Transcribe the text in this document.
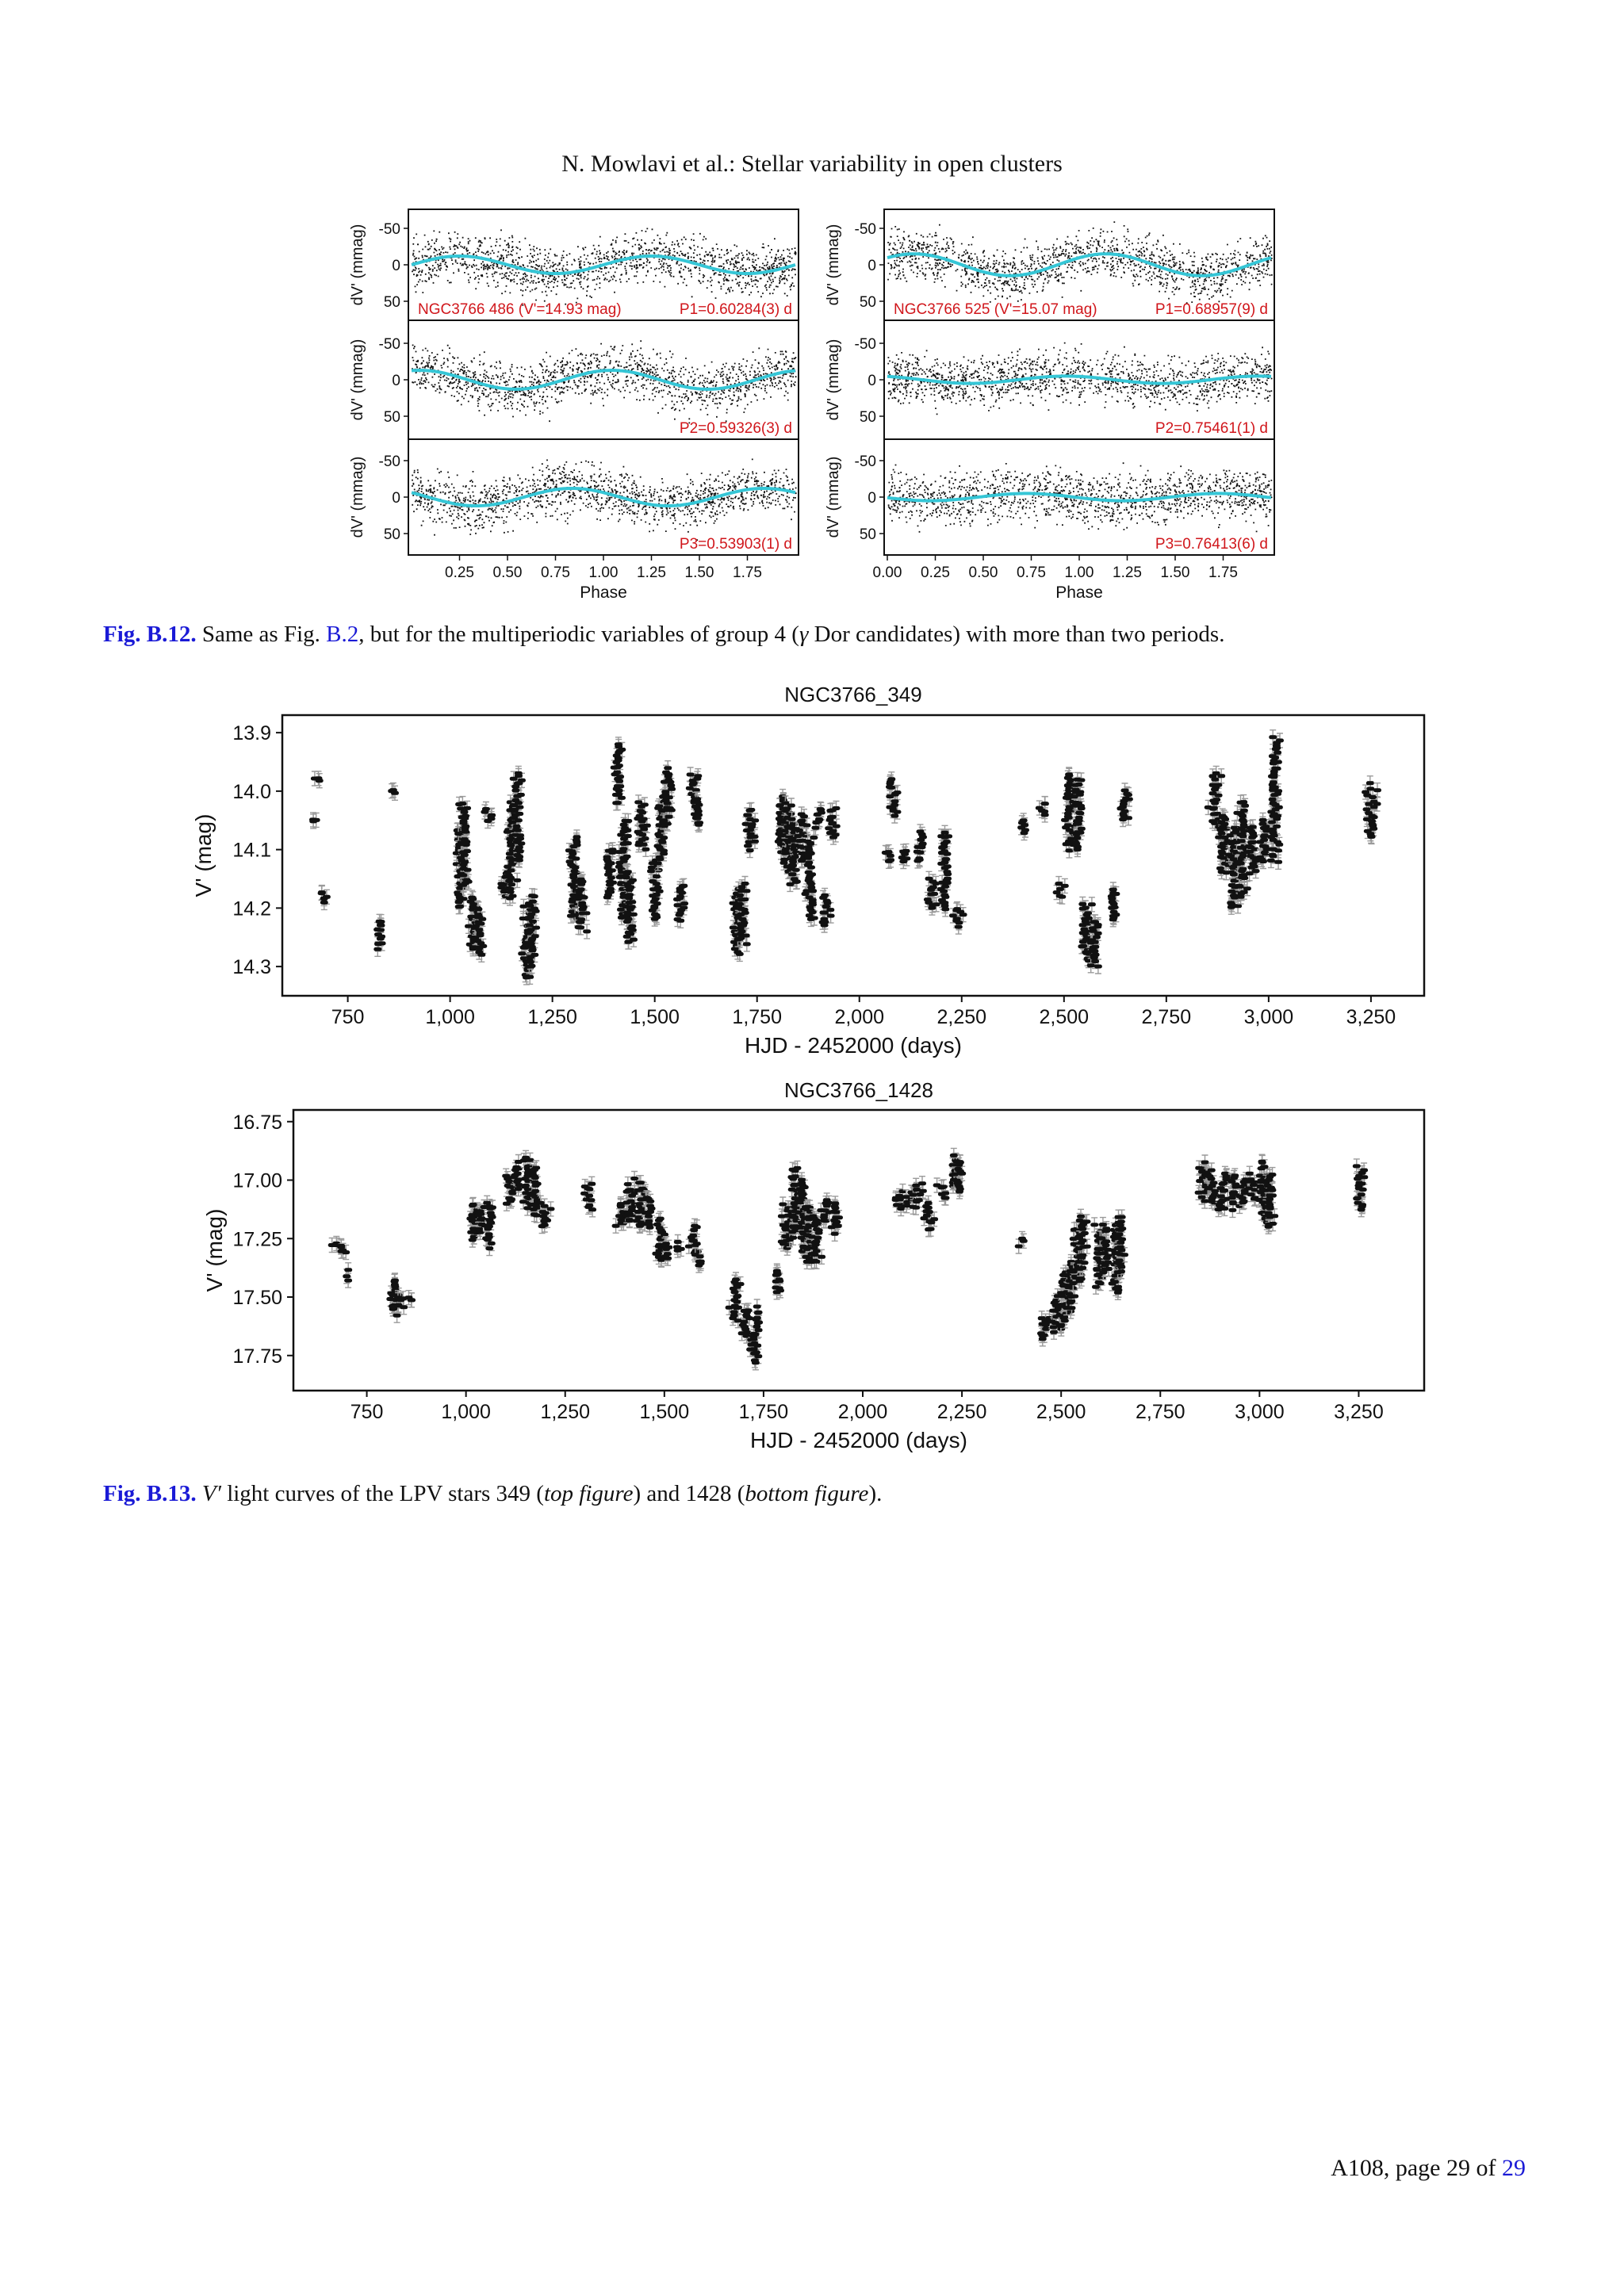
N. Mowlavi et al.: Stellar variability in open clusters
-50
0
50
dV' (mmag)
NGC3766 486 (V'=14.93 mag)	P1=0.60284(3) d
-50
0
50
dV' (mmag)
P2=0.59326(3) d
-50
0
50
dV' (mmag)
P3=0.53903(1) d
0.25 0.50 0.75 1.00 1.25 1.50 1.75
Phase
-50
0
50
dV' (mmag)
NGC3766 525 (V'=15.07 mag)	P1=0.68957(9) d
-50
0
50
dV' (mmag)
P2=0.75461(1) d
-50
0
50
dV' (mmag)
P3=0.76413(6) d
0.00 0.25 0.50 0.75 1.00 1.25 1.50 1.75
Phase
Fig. B.12. Same as Fig. B.2, but for the multiperiodic variables of group 4 (γ Dor candidates) with more than two periods.
NGC3766_349
13.9
14.0
14.1
14.2
14.3
750	1,000	1,250	1,500	1,750	2,000	2,250	2,500	2,750	3,000	3,250
HJD - 2452000 (days)
V' (mag)
NGC3766_1428
16.75
17.00
17.25
17.50
17.75
750	1,000	1,250	1,500	1,750	2,000	2,250	2,500	2,750	3,000	3,250
HJD - 2452000 (days)
V' (mag)
Fig. B.13. V′ light curves of the LPV stars 349 (top figure) and 1428 (bottom figure).
A108, page 29 of 29
